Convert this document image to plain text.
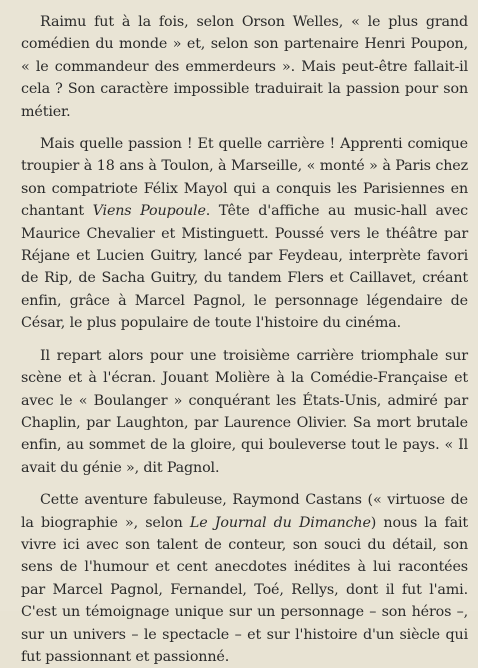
Raimu fut à la fois, selon Orson Welles, « le plus grand comédien du monde » et, selon son partenaire Henri Poupon, « le commandeur des emmerdeurs ». Mais peut-être fallait-il cela ? Son caractère impossible traduirait la passion pour son métier.

Mais quelle passion ! Et quelle carrière ! Apprenti comique troupier à 18 ans à Toulon, à Marseille, « monté » à Paris chez son compatriote Félix Mayol qui a conquis les Parisiennes en chantant Viens Poupoule. Tête d'affiche au music-hall avec Maurice Chevalier et Mistinguett. Poussé vers le théâtre par Réjane et Lucien Guitry, lancé par Feydeau, interprète favori de Rip, de Sacha Guitry, du tandem Flers et Caillavet, créant enfin, grâce à Marcel Pagnol, le personnage légendaire de César, le plus populaire de toute l'histoire du cinéma.

Il repart alors pour une troisième carrière triomphale sur scène et à l'écran. Jouant Molière à la Comédie-Française et avec le « Boulanger » conquérant les États-Unis, admiré par Chaplin, par Laughton, par Laurence Olivier. Sa mort brutale enfin, au sommet de la gloire, qui bouleverse tout le pays. « Il avait du génie », dit Pagnol.

Cette aventure fabuleuse, Raymond Castans (« virtuose de la biographie », selon Le Journal du Dimanche) nous la fait vivre ici avec son talent de conteur, son souci du détail, son sens de l'humour et cent anecdotes inédites à lui racontées par Marcel Pagnol, Fernandel, Toé, Rellys, dont il fut l'ami. C'est un témoignage unique sur un personnage – son héros –, sur un univers – le spectacle – et sur l'histoire d'un siècle qui fut passionnant et passionné.
